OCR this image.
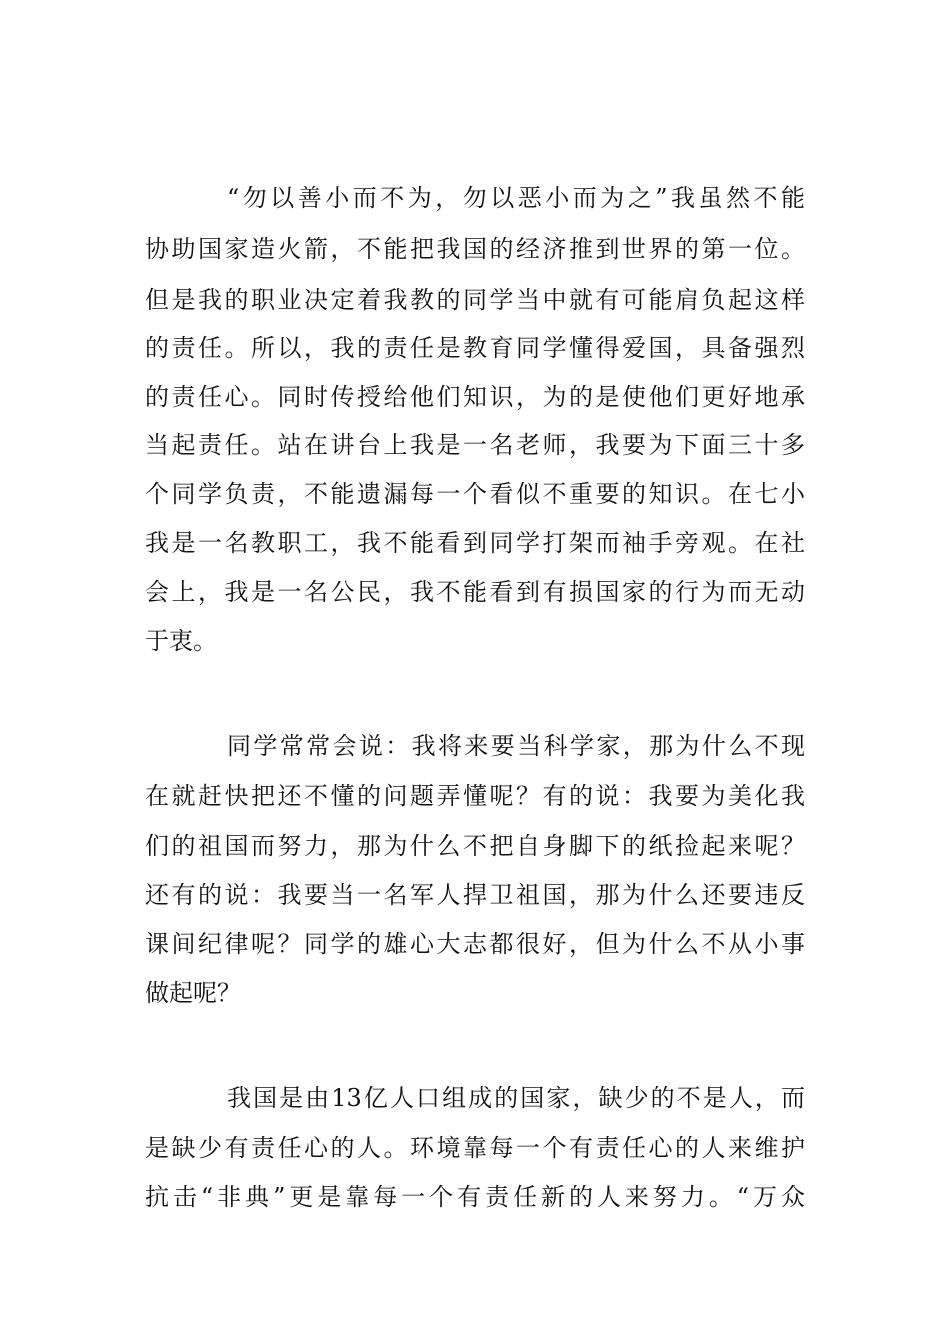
“勿以善小而不为，勿以恶小而为之”我虽然不能
协助国家造火箭，不能把我国的经济推到世界的第一位。
但是我的职业决定着我教的同学当中就有可能肩负起这样
的责任。所以，我的责任是教育同学懂得爱国，具备强烈
的责任心。同时传授给他们知识，为的是使他们更好地承
当起责任。站在讲台上我是一名老师，我要为下面三十多
个同学负责，不能遗漏每一个看似不重要的知识。在七小
我是一名教职工，我不能看到同学打架而袖手旁观。在社
会上，我是一名公民，我不能看到有损国家的行为而无动
于衷。
同学常常会说：我将来要当科学家，那为什么不现
在就赶快把还不懂的问题弄懂呢？有的说：我要为美化我
们的祖国而努力，那为什么不把自身脚下的纸捡起来呢？
还有的说：我要当一名军人捍卫祖国，那为什么还要违反
课间纪律呢？同学的雄心大志都很好，但为什么不从小事
做起呢？
我国是由13亿人口组成的国家，缺少的不是人，而
是缺少有责任心的人。环境靠每一个有责任心的人来维护
抗击“非典”更是靠每一个有责任新的人来努力。“万众
